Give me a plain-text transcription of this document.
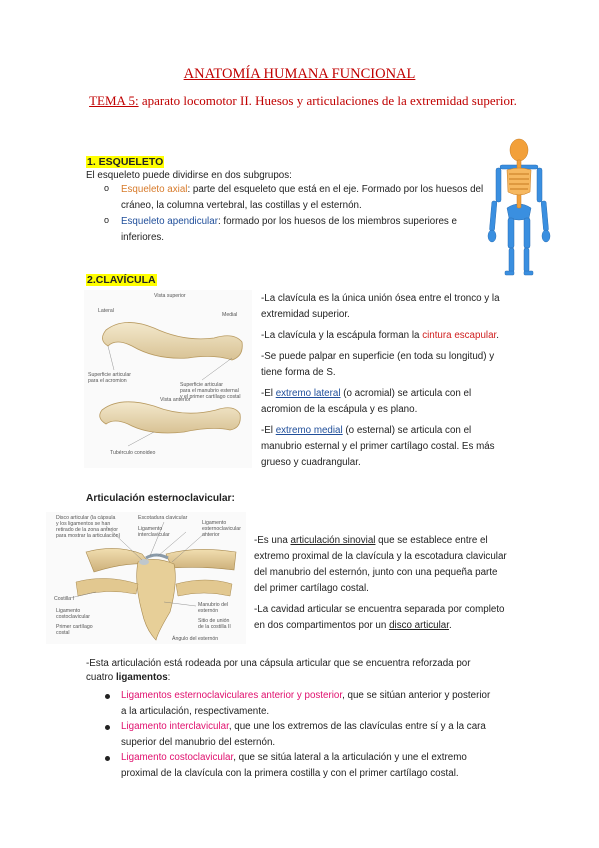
ANATOMÍA HUMANA FUNCIONAL
TEMA 5: aparato locomotor II. Huesos y articulaciones de la extremidad superior.
1. ESQUELETO
El esqueleto puede dividirse en dos subgrupos:
o Esqueleto axial: parte del esqueleto que está en el eje. Formado por los huesos del
cráneo, la columna vertebral, las costillas y el esternón.
o Esqueleto apendicular: formado por los huesos de los miembros superiores e
inferiores.
2.CLAVÍCULA
Vista superior
Lateral
Medial
Superficie articular
para el acromion
Superficie articular
para el manubrio esternal
y el primer cartílago costal
Vista anterior
Tubérculo conoideo
-La clavícula es la única unión ósea entre el tronco y la
extremidad superior.
-La clavícula y la escápula forman la cintura escapular.
-Se puede palpar en superficie (en toda su longitud) y
tiene forma de S.
-El extremo lateral (o acromial) se articula con el
acromion de la escápula y es plano.
-El extremo medial (o esternal) se articula con el
manubrio esternal y el primer cartílago costal. Es más
grueso y cuadrangular.
Articulación esternoclavicular:
Disco articular (la cápsula
y los ligamentos se han
retirado de la zona anterior
para mostrar la articulación)
Escotadura clavicular
Ligamento
interclavicular
Ligamento
esternoclavicular
anterior
Costilla I
Ligamento
costoclavicular
Primer cartílago
costal
Manubrio del
esternón
Sitio de unión
de la costilla II
Ángulo del esternón
-Es una articulación sinovial que se establece entre el
extremo proximal de la clavícula y la escotadura clavicular
del manubrio del esternón, junto con una pequeña parte
del primer cartílago costal.
-La cavidad articular se encuentra separada por completo
en dos compartimentos por un disco articular.
-Esta articulación está rodeada por una cápsula articular que se encuentra reforzada por
cuatro ligamentos:
Ligamentos esternoclaviculares anterior y posterior, que se sitúan anterior y posterior
a la articulación, respectivamente.
Ligamento interclavicular, que une los extremos de las clavículas entre sí y a la cara
superior del manubrio del esternón.
Ligamento costoclavicular, que se sitúa lateral a la articulación y une el extremo
proximal de la clavícula con la primera costilla y con el primer cartílago costal.
